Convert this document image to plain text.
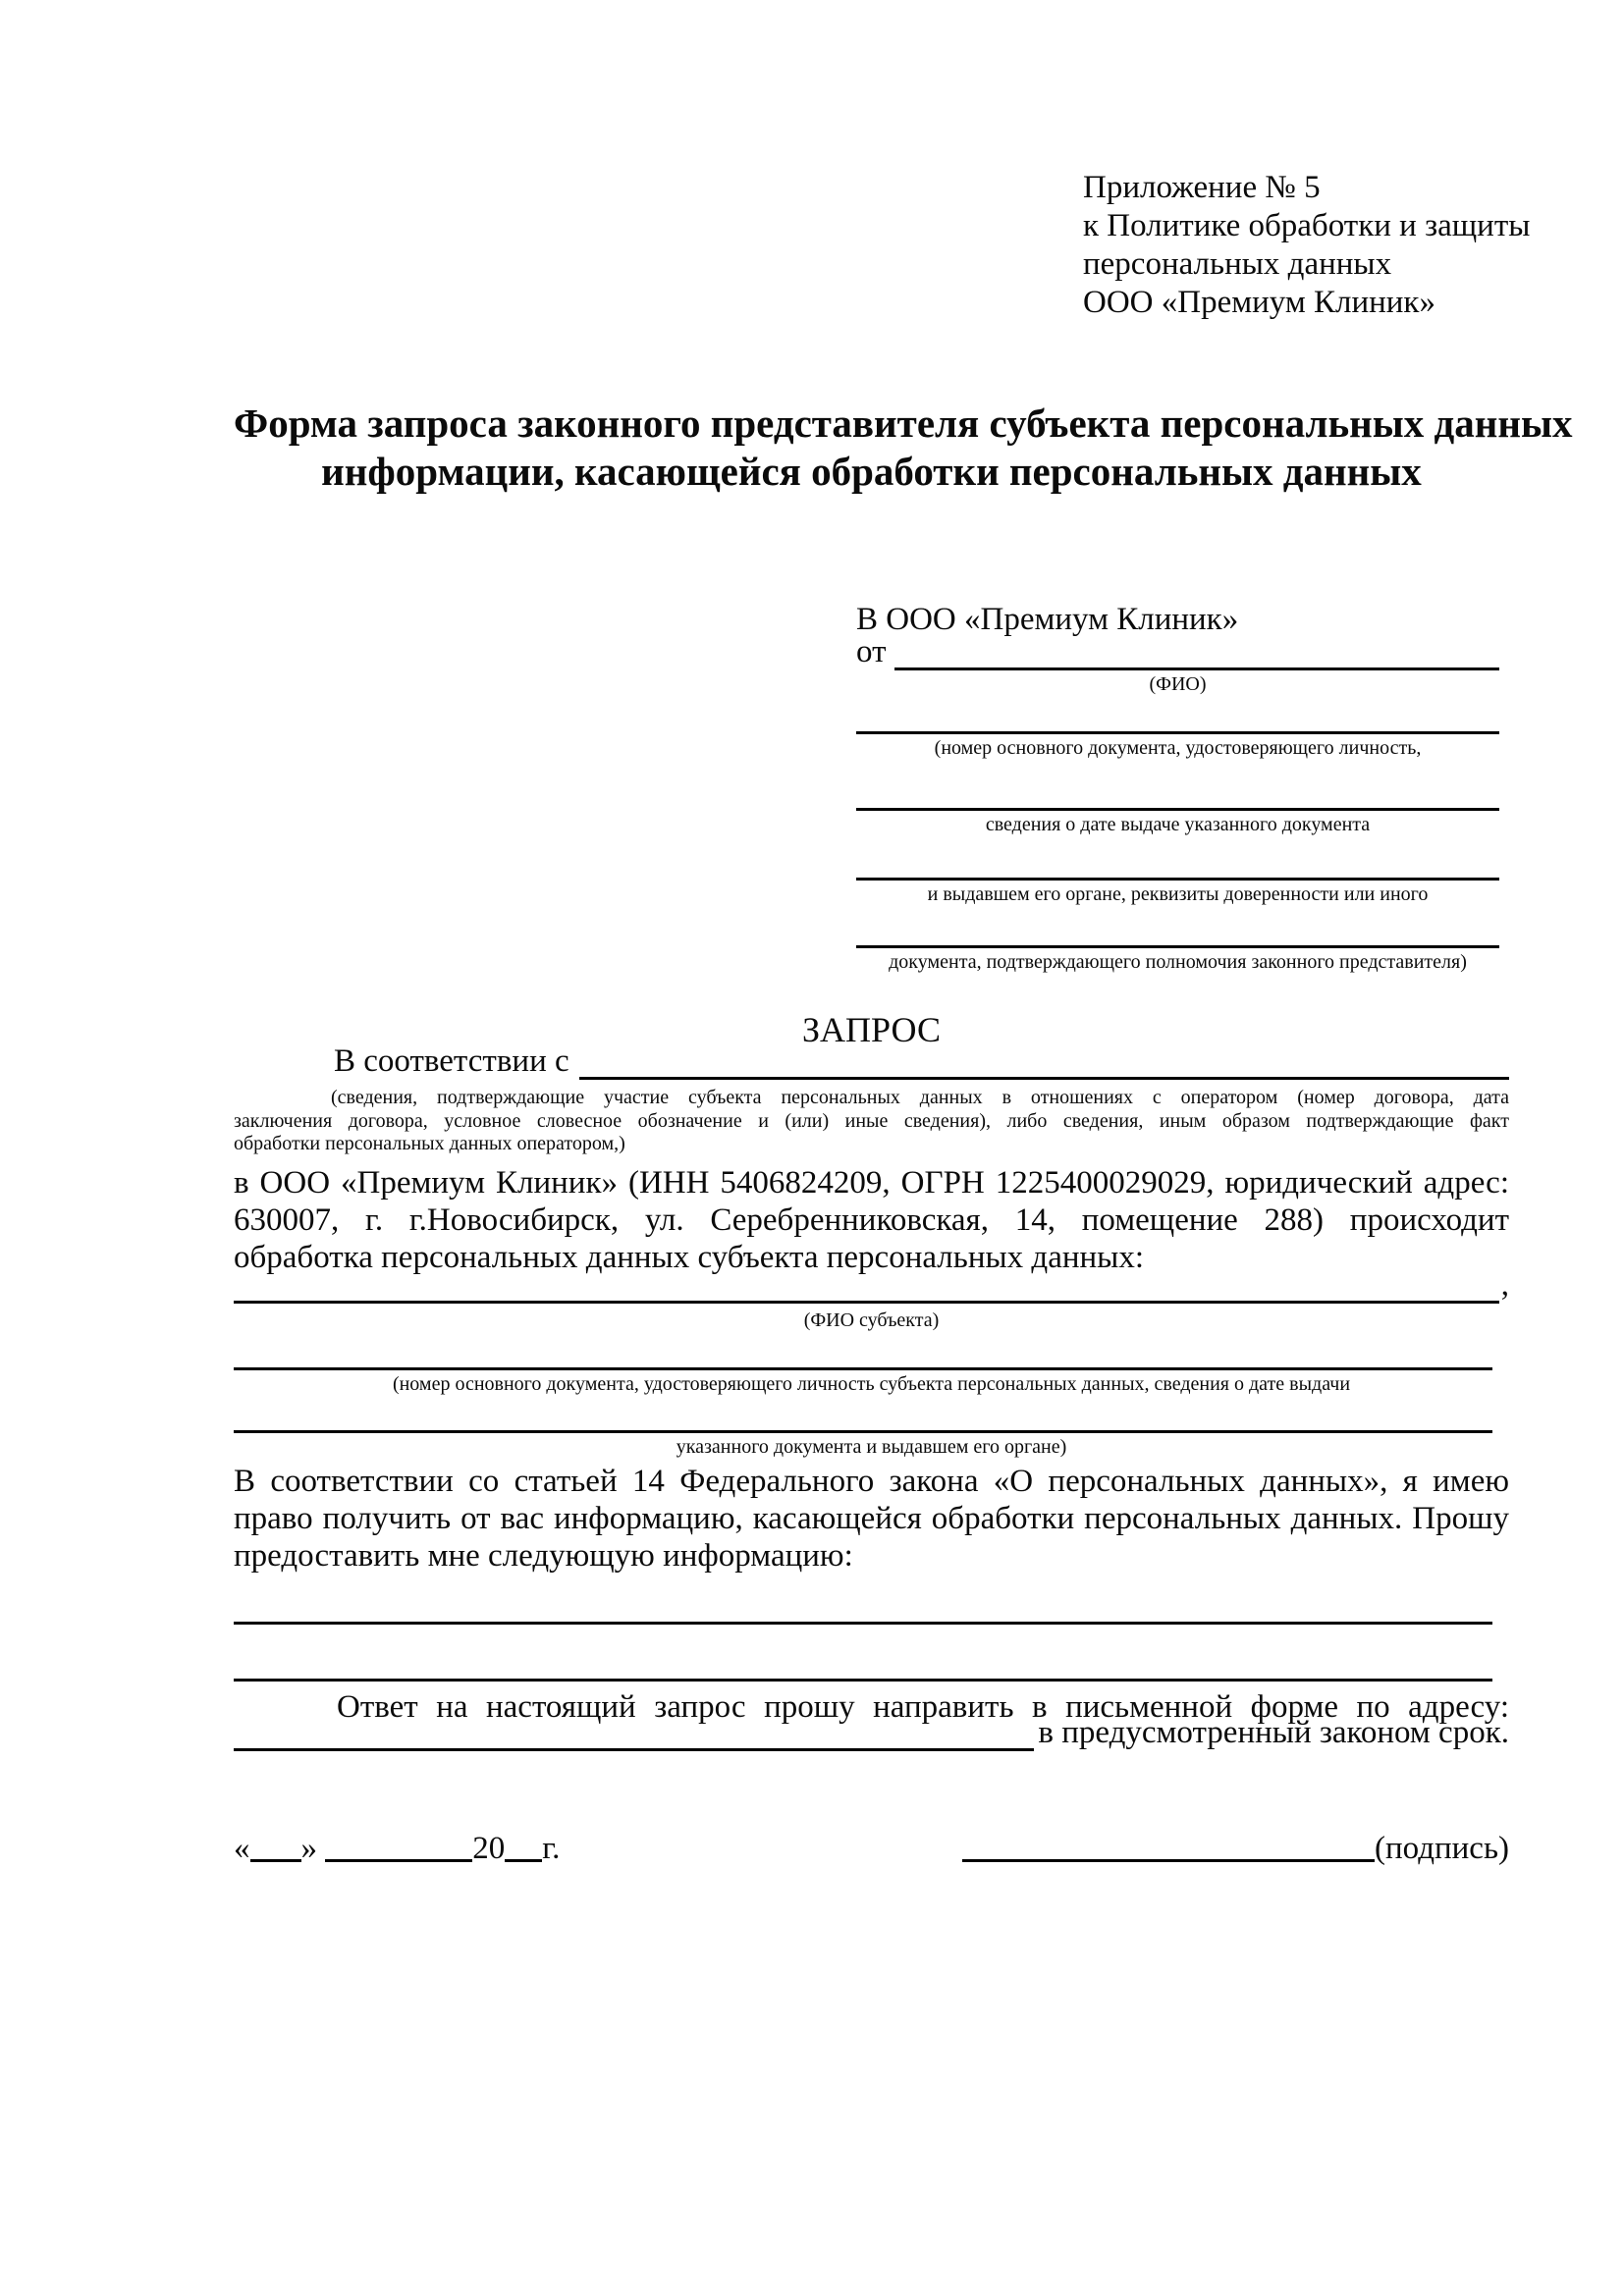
Приложение № 5
к Политике обработки и защиты
персональных данных
ООО «Премиум Клиник»
Форма запроса законного представителя субъекта персональных данных
информации, касающейся обработки персональных данных
В ООО «Премиум Клиник»
от
(ФИО)
(номер основного документа, удостоверяющего личность,
сведения о дате выдаче указанного документа
и выдавшем его органе, реквизиты доверенности или иного
документа, подтверждающего полномочия законного представителя)
ЗАПРОС
В соответствии с
(сведения, подтверждающие участие субъекта персональных данных в отношениях с оператором (номер договора, дата
заключения договора, условное словесное обозначение и (или) иные сведения), либо сведения, иным образом подтверждающие факт
обработки персональных данных оператором,)
в ООО «Премиум Клиник» (ИНН 5406824209, ОГРН 1225400029029, юридический адрес:
630007, г. г.Новосибирск, ул. Серебренниковская, 14, помещение 288) происходит
обработка персональных данных субъекта персональных данных:
,
(ФИО субъекта)
(номер основного документа, удостоверяющего личность субъекта персональных данных, сведения о дате выдачи
указанного документа и выдавшем его органе)
В соответствии со статьей 14 Федерального закона «О персональных данных», я имею
право получить от вас информацию, касающейся обработки персональных данных. Прошу
предоставить мне следующую информацию:
Ответ на настоящий запрос прошу направить в письменной форме по адресу:
в предусмотренный законом срок.
« »	20 г.	(подпись)
